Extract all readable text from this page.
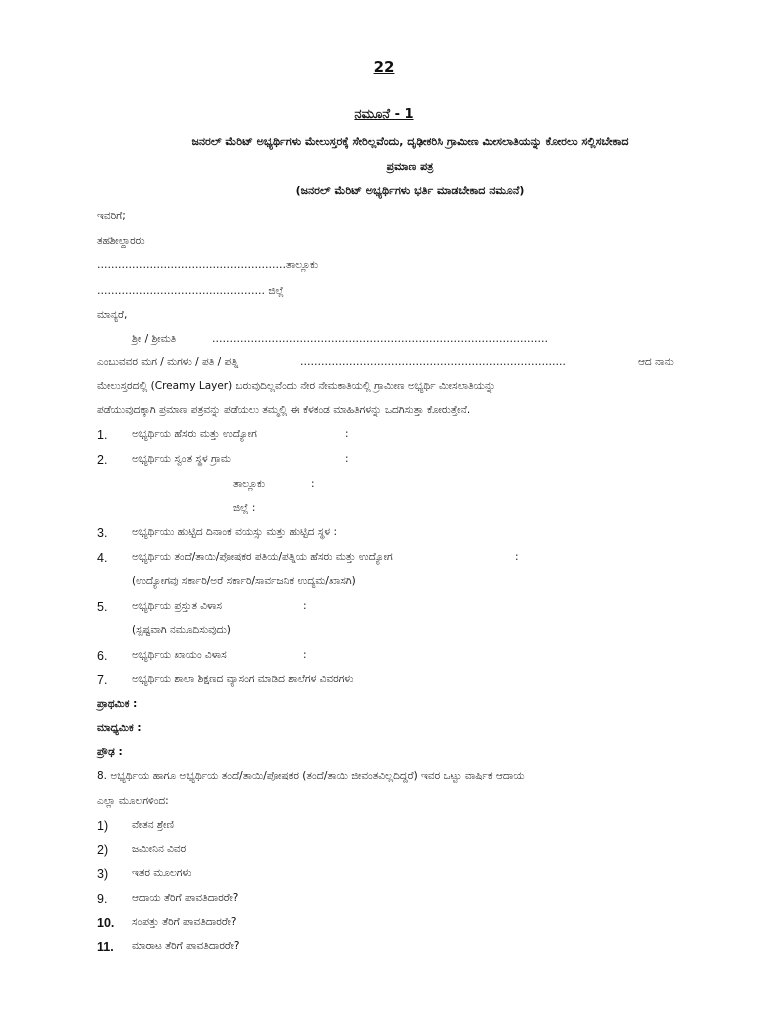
22
ನಮೂನೆ - 1
ಜನರಲ್ ಮೆರಿಟ್ ಅಭ್ಯರ್ಥಿಗಳು ಮೇಲುಸ್ತರಕ್ಕೆ ಸೇರಿಲ್ಲವೆಂದು, ದೃಢೀಕರಿಸಿ ಗ್ರಾಮೀಣ ಮೀಸಲಾತಿಯನ್ನು ಕೋರಲು ಸಲ್ಲಿಸಬೇಕಾದ
ಪ್ರಮಾಣ ಪತ್ರ
(ಜನರಲ್ ಮೆರಿಟ್ ಅಭ್ಯರ್ಥಿಗಳು ಭರ್ತಿ ಮಾಡಬೇಕಾದ ನಮೂನೆ)
ಇವರಿಗೆ;
ತಹಶೀಲ್ದಾರರು
………………………………………………ತಾಲ್ಲೂಕು
………………………………………… ಜಿಲ್ಲೆ
ಮಾನ್ಯರೆ,
ಶ್ರೀ / ಶ್ರೀಮತಿ	……………………………………………………………………………………
ಎಂಬುವವರ ಮಗ / ಮಗಳು / ಪತಿ / ಪತ್ನಿ	………………………………………………………………….	ಆದ ನಾನು
ಮೇಲುಸ್ತರದಲ್ಲಿ (Creamy Layer) ಬರುವುದಿಲ್ಲವೆಂದು ನೇರ ನೇಮಕಾತಿಯಲ್ಲಿ ಗ್ರಾಮೀಣ ಅಭ್ಯರ್ಥಿ ಮೀಸಲಾತಿಯನ್ನು
ಪಡೆಯುವುದಕ್ಕಾಗಿ ಪ್ರಮಾಣ ಪತ್ರವನ್ನು ಪಡೆಯಲು ತಮ್ಮಲ್ಲಿ ಈ ಕೆಳಕಂಡ ಮಾಹಿತಿಗಳನ್ನು ಒದಗಿಸುತ್ತಾ ಕೋರುತ್ತೇನೆ.
1. ಅಭ್ಯರ್ಥಿಯ ಹೆಸರು ಮತ್ತು ಉದ್ಯೋಗ	:
2. ಅಭ್ಯರ್ಥಿಯ ಸ್ವಂತ ಸ್ಥಳ ಗ್ರಾಮ	:
ತಾಲ್ಲೂಕು	:
ಜಿಲ್ಲೆ :
3. ಅಭ್ಯರ್ಥಿಯು ಹುಟ್ಟಿದ ದಿನಾಂಕ ವಯಸ್ಸು ಮತ್ತು ಹುಟ್ಟಿದ ಸ್ಥಳ :
4. ಅಭ್ಯರ್ಥಿಯ ತಂದೆ/ತಾಯಿ/ಪೋಷಕರ ಪತಿಯ/ಪತ್ನಿಯ ಹೆಸರು ಮತ್ತು ಉದ್ಯೋಗ	:
(ಉದ್ಯೋಗವು ಸರ್ಕಾರಿ/ಅರೆ ಸರ್ಕಾರಿ/ಸಾರ್ವಜನಿಕ ಉದ್ಯಮ/ಖಾಸಗಿ)
5. ಅಭ್ಯರ್ಥಿಯ ಪ್ರಸ್ತುತ ವಿಳಾಸ	:
(ಸ್ಪಷ್ಟವಾಗಿ ನಮೂದಿಸುವುದು)
6. ಅಭ್ಯರ್ಥಿಯ ಖಾಯಂ ವಿಳಾಸ	:
7. ಅಭ್ಯರ್ಥಿಯ ಶಾಲಾ ಶಿಕ್ಷಣದ ವ್ಯಾಸಂಗ ಮಾಡಿದ ಶಾಲೆಗಳ ವಿವರಗಳು
ಪ್ರಾಥಮಿಕ :
ಮಾಧ್ಯಮಿಕ :
ಪ್ರೌಢ :
8. ಅಭ್ಯರ್ಥಿಯ ಹಾಗೂ ಅಭ್ಯರ್ಥಿಯ ತಂದೆ/ತಾಯಿ/ಪೋಷಕರ (ತಂದೆ/ತಾಯಿ ಜೀವಂತವಿಲ್ಲದಿದ್ದರೆ) ಇವರ ಒಟ್ಟು ವಾರ್ಷಿಕ ಆದಾಯ
ಎಲ್ಲಾ ಮೂಲಗಳಿಂದ:
1) ವೇತನ ಶ್ರೇಣಿ
2) ಜಮೀನಿನ ವಿವರ
3) ಇತರ ಮೂಲಗಳು
9. ಆದಾಯ ತೆರಿಗೆ ಪಾವತಿದಾರರೇ?
10. ಸಂಪತ್ತು ತೆರಿಗೆ ಪಾವತಿದಾರರೇ?
11. ಮಾರಾಟ ತೆರಿಗೆ ಪಾವತಿದಾರರೇ?
